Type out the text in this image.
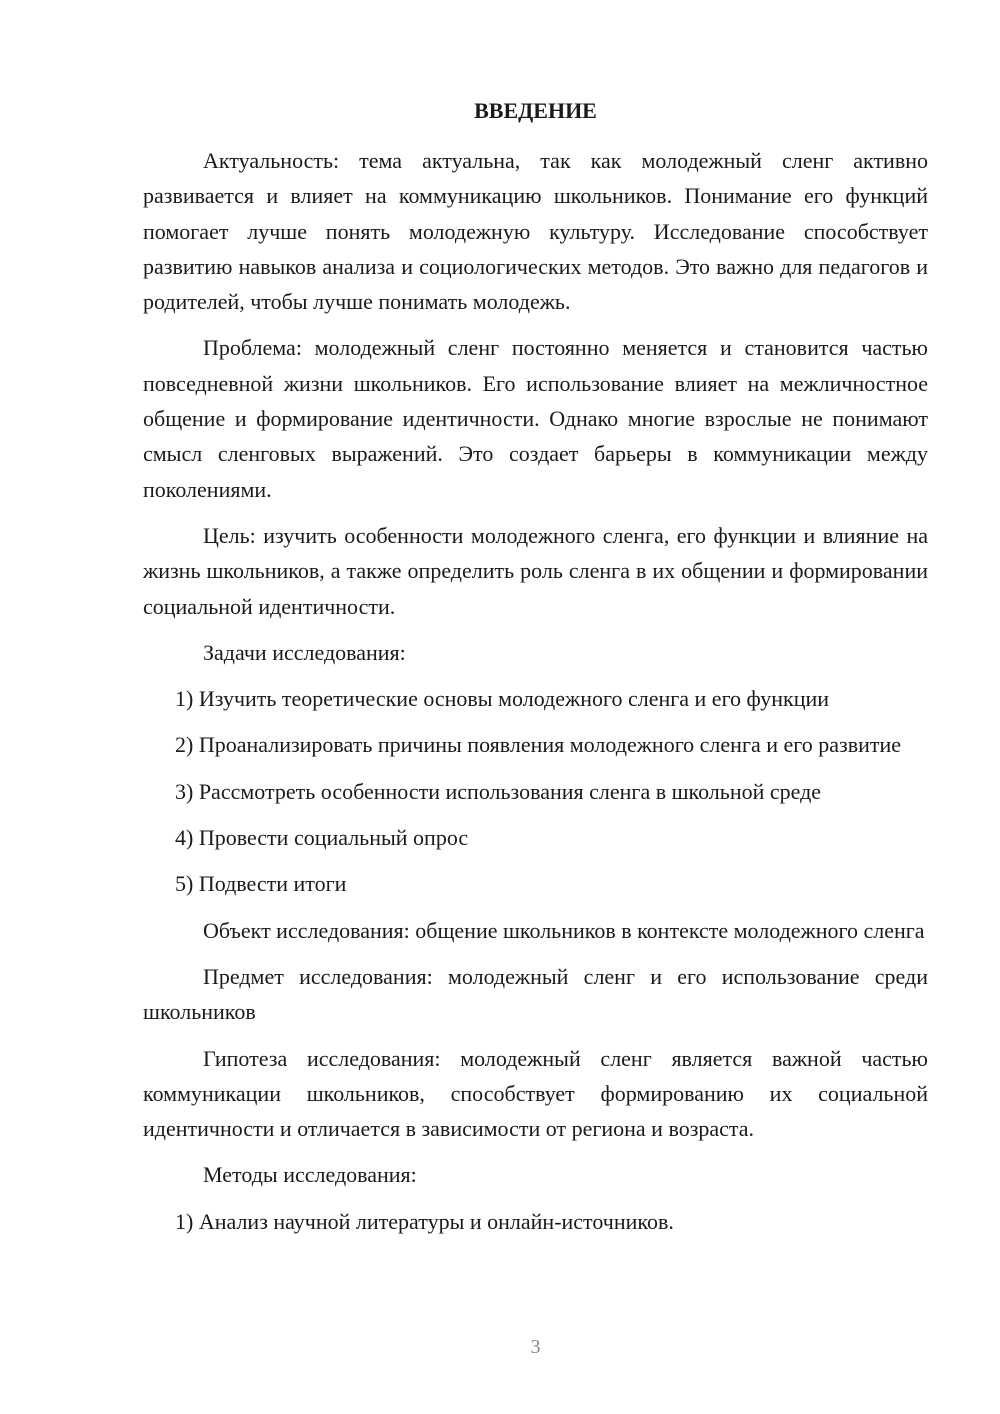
ВВЕДЕНИЕ

Актуальность: тема актуальна, так как молодежный сленг активно развивается и влияет на коммуникацию школьников. Понимание его функций помогает лучше понять молодежную культуру. Исследование способствует развитию навыков анализа и социологических методов. Это важно для педагогов и родителей, чтобы лучше понимать молодежь.

Проблема: молодежный сленг постоянно меняется и становится частью повседневной жизни школьников. Его использование влияет на межличностное общение и формирование идентичности. Однако многие взрослые не понимают смысл сленговых выражений. Это создает барьеры в коммуникации между поколениями.

Цель: изучить особенности молодежного сленга, его функции и влияние на жизнь школьников, а также определить роль сленга в их общении и формировании социальной идентичности.

Задачи исследования:

1) Изучить теоретические основы молодежного сленга и его функции

2) Проанализировать причины появления молодежного сленга и его развитие

3) Рассмотреть особенности использования сленга в школьной среде

4) Провести социальный опрос

5) Подвести итоги

Объект исследования: общение школьников в контексте молодежного сленга

Предмет исследования: молодежный сленг и его использование среди школьников

Гипотеза исследования: молодежный сленг является важной частью коммуникации школьников, способствует формированию их социальной идентичности и отличается в зависимости от региона и возраста.

Методы исследования:

1) Анализ научной литературы и онлайн-источников.

3
